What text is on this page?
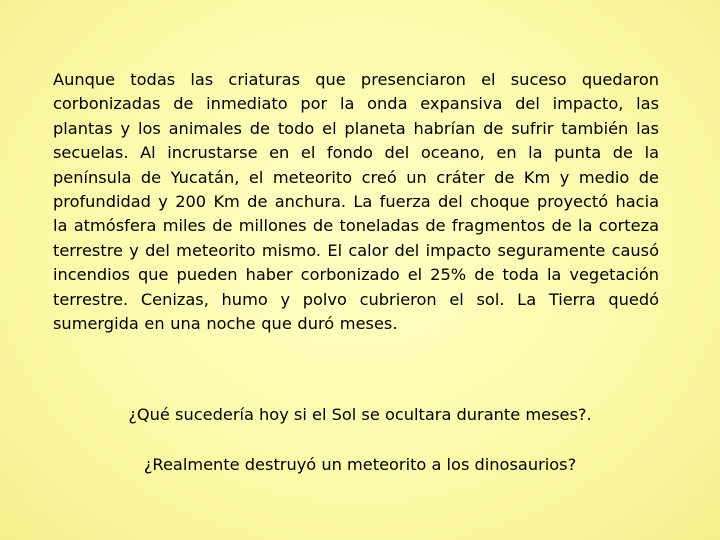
Aunque todas las criaturas que presenciaron el suceso quedaron corbonizadas de inmediato por la onda expansiva del impacto, las plantas y los animales de todo el planeta habrían de sufrir también las secuelas. Al incrustarse en el fondo del oceano, en la punta de la península de Yucatán, el meteorito creó un cráter de Km y medio de profundidad y 200 Km de anchura. La fuerza del choque proyectó hacia la atmósfera miles de millones de toneladas de fragmentos de la corteza terrestre y del meteorito mismo. El calor del impacto seguramente causó incendios que pueden haber corbonizado el 25% de toda la vegetación terrestre. Cenizas, humo y polvo cubrieron el sol. La Tierra quedó sumergida en una noche que duró meses.

¿Qué sucedería hoy si el Sol se ocultara durante meses?.

¿Realmente destruyó un meteorito a los dinosaurios?
